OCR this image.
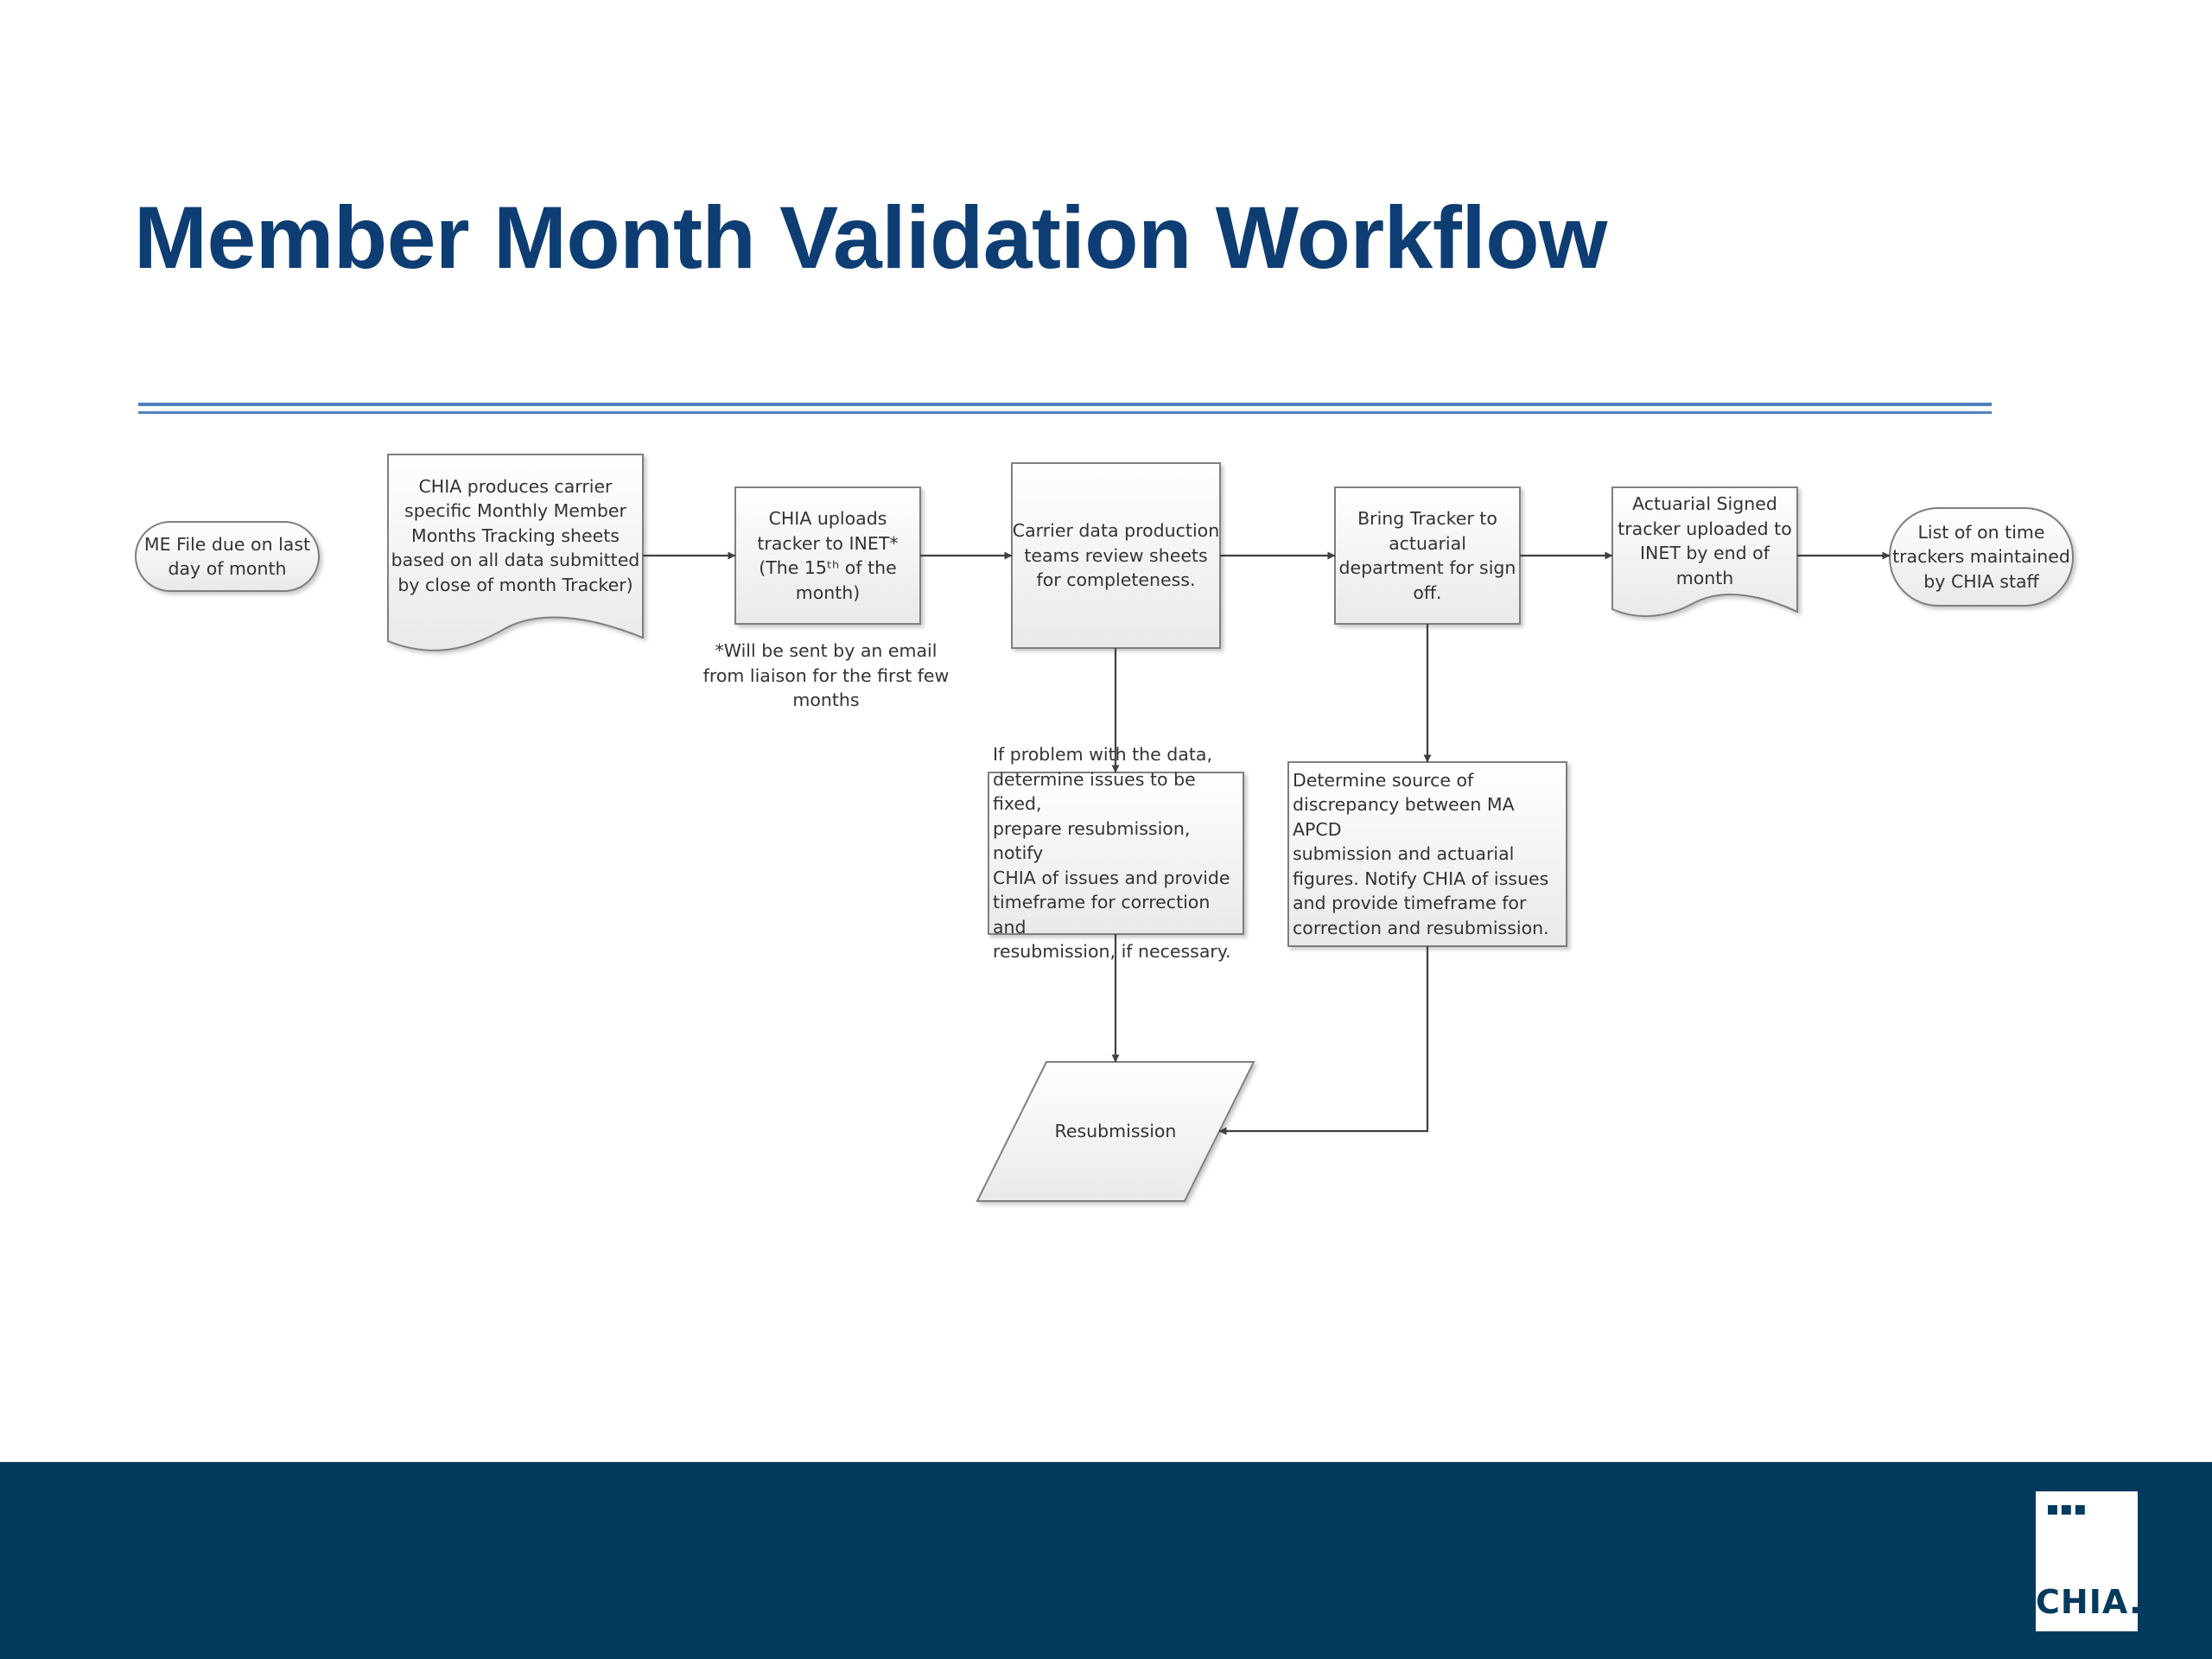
Member Month Validation Workflow
ME File due on last
day of month
CHIA produces carrier
specific Monthly Member
Months Tracking sheets
based on all data submitted
by close of month Tracker)
CHIA uploads
tracker to INET*
(The 15ᵗʰ of the
month)
*Will be sent by an email
from liaison for the first few
months
Carrier data production
teams review sheets
for completeness.
Bring Tracker to
actuarial
department for sign
off.
Actuarial Signed
tracker uploaded to
INET by end of
month
List of on time
trackers maintained
by CHIA staff
If problem with the data,
determine issues to be fixed,
prepare resubmission, notify
CHIA of issues and provide
timeframe for correction and
resubmission, if necessary.
Determine source of
discrepancy between MA APCD
submission and actuarial
figures. Notify CHIA of issues
and provide timeframe for
correction and resubmission.
Resubmission
▪▪▪
CHIA.
